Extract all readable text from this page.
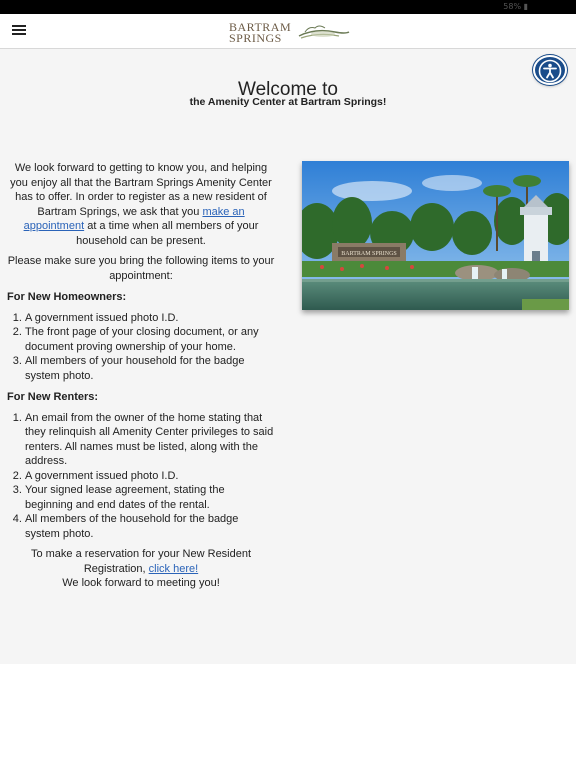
58% ▮
BARTRAM
SPRINGS
Welcome to
the Amenity Center at Bartram Springs!

We look forward to getting to know you, and helping you enjoy all that the Bartram Springs Amenity Center has to offer. In order to register as a new resident of Bartram Springs, we ask that you make an appointment at a time when all members of your household can be present.

Please make sure you bring the following items to your appointment:

For New Homeowners:

1. A government issued photo I.D.
2. The front page of your closing document, or any document proving ownership of your home.
3. All members of your household for the badge system photo.

For New Renters:

1. An email from the owner of the home stating that they relinquish all Amenity Center privileges to said renters. All names must be listed, along with the address.
2. A government issued photo I.D.
3. Your signed lease agreement, stating the beginning and end dates of the rental.
4. All members of the household for the badge system photo.

To make a reservation for your New Resident Registration, click here!
We look forward to meeting you!

BARTRAM SPRINGS
